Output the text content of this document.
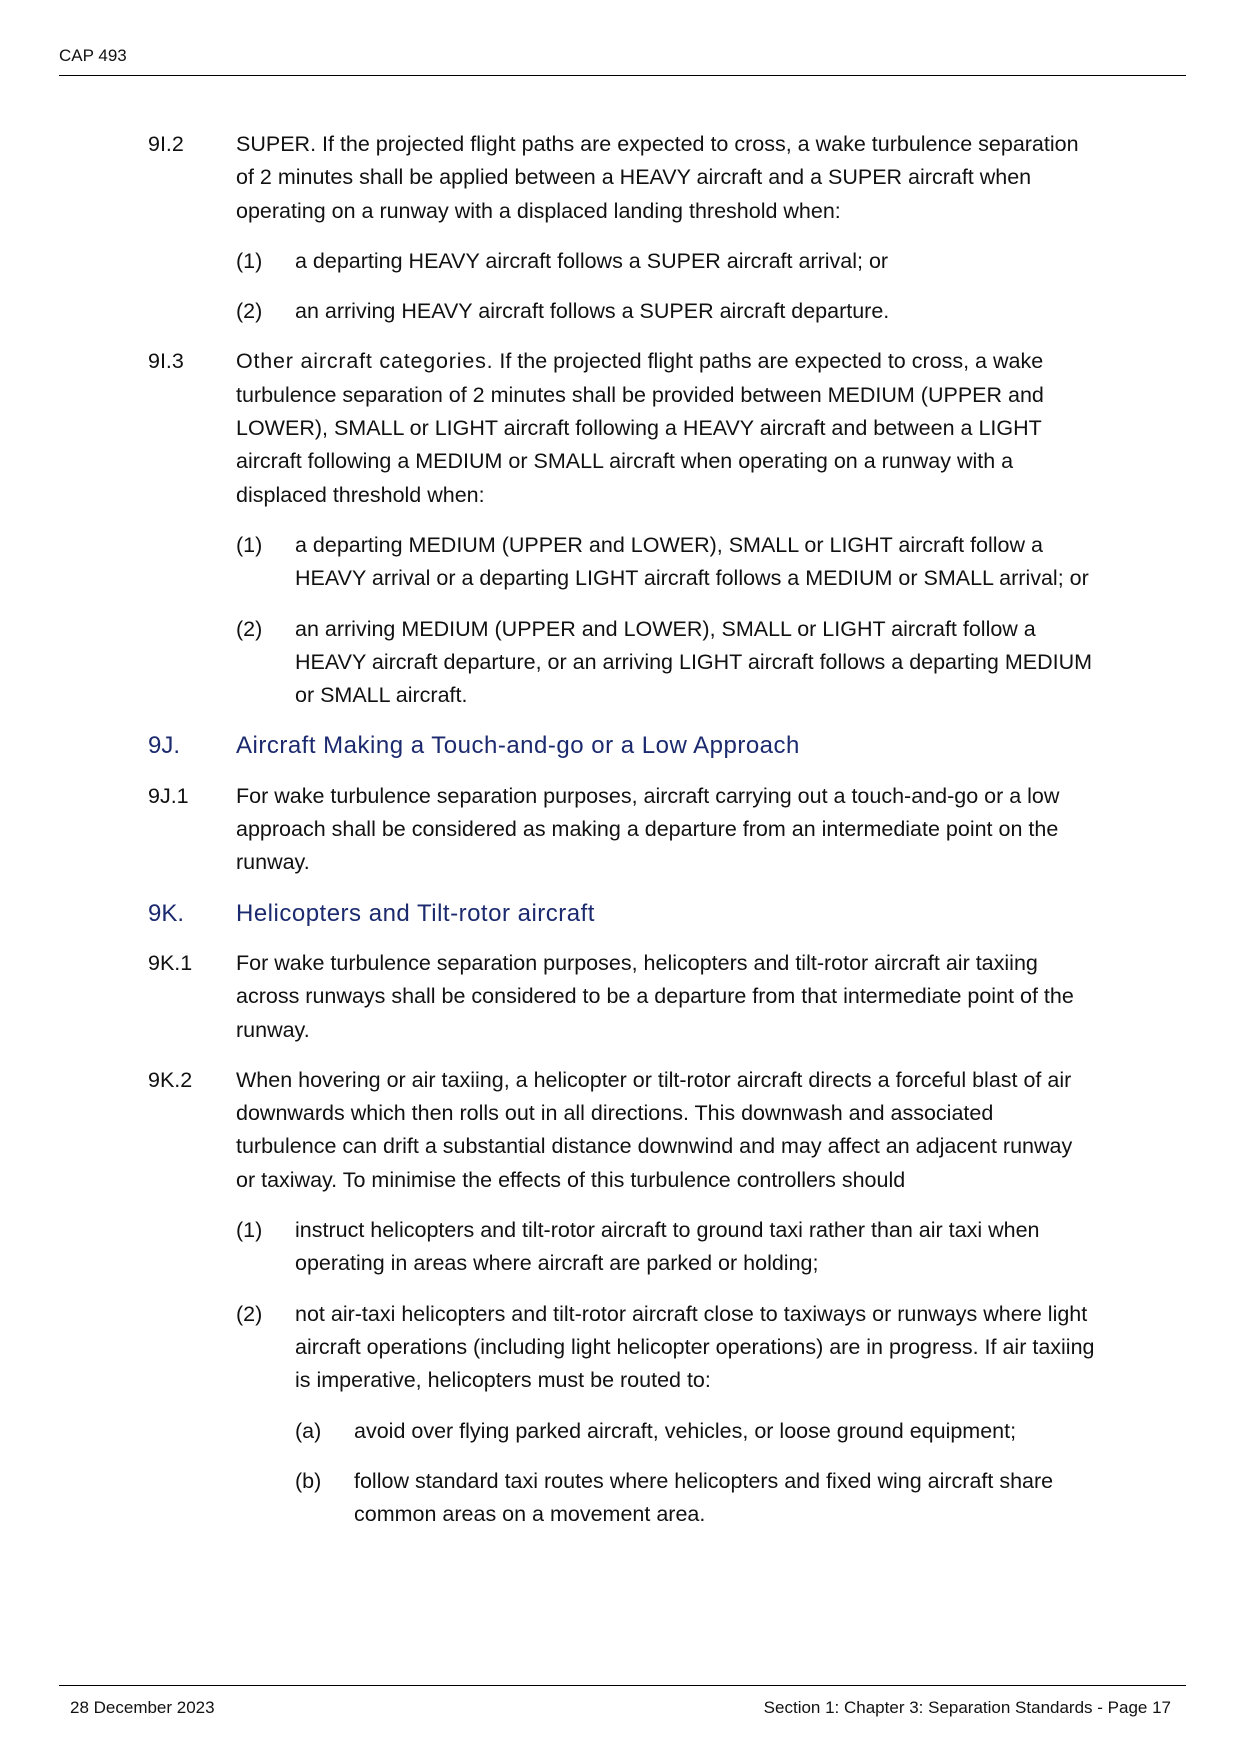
CAP 493
9I.2 SUPER. If the projected flight paths are expected to cross, a wake turbulence separation of 2 minutes shall be applied between a HEAVY aircraft and a SUPER aircraft when operating on a runway with a displaced landing threshold when:
(1) a departing HEAVY aircraft follows a SUPER aircraft arrival; or
(2) an arriving HEAVY aircraft follows a SUPER aircraft departure.
9I.3 Other aircraft categories. If the projected flight paths are expected to cross, a wake turbulence separation of 2 minutes shall be provided between MEDIUM (UPPER and LOWER), SMALL or LIGHT aircraft following a HEAVY aircraft and between a LIGHT aircraft following a MEDIUM or SMALL aircraft when operating on a runway with a displaced threshold when:
(1) a departing MEDIUM (UPPER and LOWER), SMALL or LIGHT aircraft follow a HEAVY arrival or a departing LIGHT aircraft follows a MEDIUM or SMALL arrival; or
(2) an arriving MEDIUM (UPPER and LOWER), SMALL or LIGHT aircraft follow a HEAVY aircraft departure, or an arriving LIGHT aircraft follows a departing MEDIUM or SMALL aircraft.
9J. Aircraft Making a Touch-and-go or a Low Approach
9J.1 For wake turbulence separation purposes, aircraft carrying out a touch-and-go or a low approach shall be considered as making a departure from an intermediate point on the runway.
9K. Helicopters and Tilt-rotor aircraft
9K.1 For wake turbulence separation purposes, helicopters and tilt-rotor aircraft air taxiing across runways shall be considered to be a departure from that intermediate point of the runway.
9K.2 When hovering or air taxiing, a helicopter or tilt-rotor aircraft directs a forceful blast of air downwards which then rolls out in all directions. This downwash and associated turbulence can drift a substantial distance downwind and may affect an adjacent runway or taxiway. To minimise the effects of this turbulence controllers should
(1) instruct helicopters and tilt-rotor aircraft to ground taxi rather than air taxi when operating in areas where aircraft are parked or holding;
(2) not air-taxi helicopters and tilt-rotor aircraft close to taxiways or runways where light aircraft operations (including light helicopter operations) are in progress. If air taxiing is imperative, helicopters must be routed to:
(a) avoid over flying parked aircraft, vehicles, or loose ground equipment;
(b) follow standard taxi routes where helicopters and fixed wing aircraft share common areas on a movement area.
28 December 2023	Section 1: Chapter 3: Separation Standards - Page 17
